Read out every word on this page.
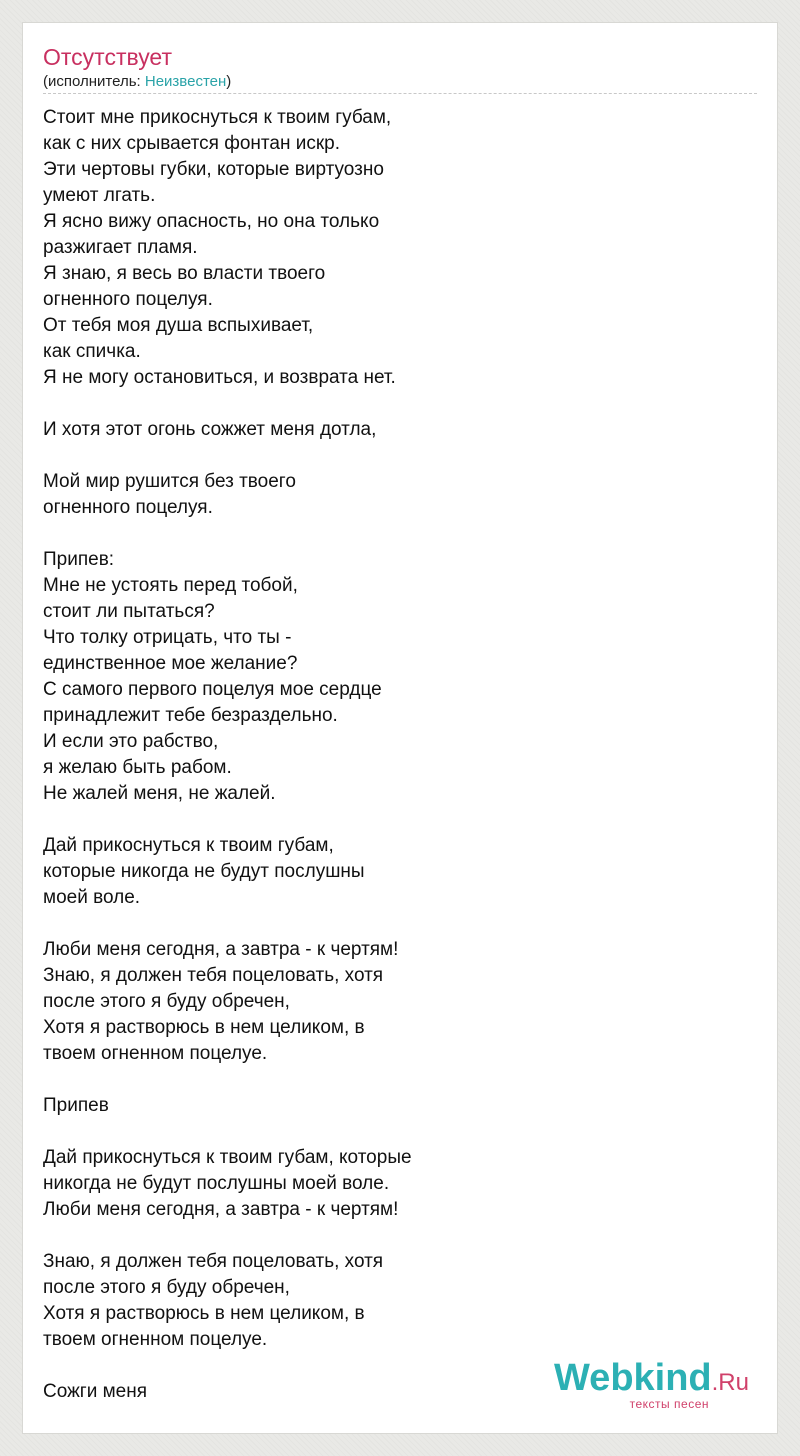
Отсутствует
(исполнитель: Неизвестен)
Стоит мне прикоснуться к твоим губам,
как с них срывается фонтан искр.
Эти чертовы губки, которые виртуозно
умеют лгать.
Я ясно вижу опасность, но она только
разжигает пламя.
Я знаю, я весь во власти твоего
огненного поцелуя.
От тебя моя душа вспыхивает,
как спичка.
Я не могу остановиться, и возврата нет.

И хотя этот огонь сожжет меня дотла,

Мой мир рушится без твоего
огненного поцелуя.

Припев:
Мне не устоять перед тобой,
стоит ли пытаться?
Что толку отрицать, что ты -
единственное мое желание?
С самого первого поцелуя мое сердце
принадлежит тебе безраздельно.
И если это рабство,
я желаю быть рабом.
Не жалей меня, не жалей.

Дай прикоснуться к твоим губам,
которые никогда не будут послушны
моей воле.

Люби меня сегодня, а завтра - к чертям!
Знаю, я должен тебя поцеловать, хотя
после этого я буду обречен,
Хотя я растворюсь в нем целиком, в
твоем огненном поцелуе.

Припев

Дай прикоснуться к твоим губам, которые
никогда не будут послушны моей воле.
Люби меня сегодня, а завтра - к чертям!

Знаю, я должен тебя поцеловать, хотя
после этого я буду обречен,
Хотя я растворюсь в нем целиком, в
твоем огненном поцелуе.

Сожги меня	Webkind.Ru
тексты песен
